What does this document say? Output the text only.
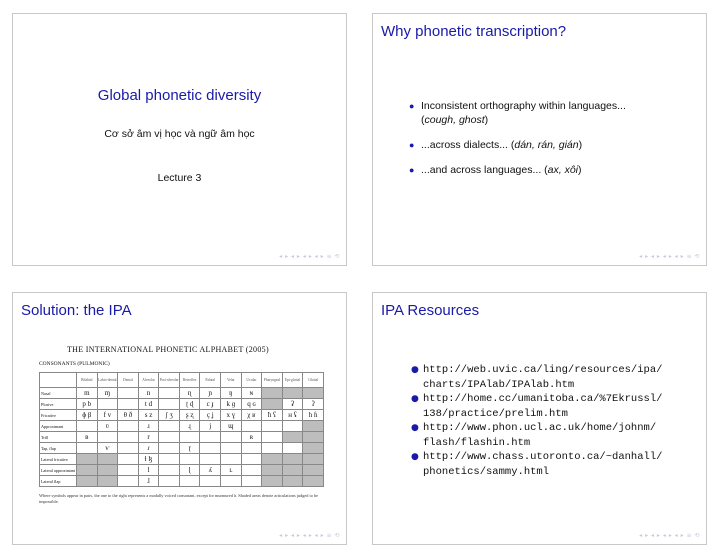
Global phonetic diversity
Cơ sở âm vị học và ngữ âm học
Lecture 3
◂ ▸ ◂ ▸ ◂ ▸ ◂ ▸ ≡ ⟲
Why phonetic transcription?
● Inconsistent orthography within languages...
(cough, ghost)
● ...across dialects... (dán, rán, gián)
● ...and across languages... (ax, xôi)
◂ ▸ ◂ ▸ ◂ ▸ ◂ ▸ ≡ ⟲
Solution: the IPA
THE INTERNATIONAL PHONETIC ALPHABET (2005)
CONSONANTS (PULMONIC)
	Bilabial	Labio-dental	Dental	Alveolar	Post-alveolar	Retroflex	Palatal	Velar	Uvular	Pharyngeal	Epi-glottal	Glottal
Nasal	m	ɱ		n		ɳ	ɲ	ŋ	ɴ			
Plosive	p b			t d		ʈ ɖ	c ɟ	k ɡ	q ɢ		ʡ	ʔ
Fricative	ɸ β	f v	θ ð	s z	ʃ ʒ	ʂ ʐ	ç ʝ	x ɣ	χ ʁ	ħ ʕ	ʜ ʢ	h ɦ
Approximant		ʋ		ɹ		ɻ	j	ɰ				
Trill	ʙ			r					ʀ			
Tap, flap		ⱱ		ɾ		ɽ						
Lateral fricative				ɬ ɮ								
Lateral approximant				l		ɭ	ʎ	ʟ				
Lateral flap				ɺ								
Where symbols appear in pairs, the one to the right represents a modally voiced consonant, except for murmured ɦ. Shaded areas denote articulations judged to be impossible.
◂ ▸ ◂ ▸ ◂ ▸ ◂ ▸ ≡ ⟲
IPA Resources
● http://web.uvic.ca/ling/resources/ipa/
charts/IPAlab/IPAlab.htm
● http://home.cc/umanitoba.ca/%7Ekrussl/
138/practice/prelim.htm
● http://www.phon.ucl.ac.uk/home/johnm/
flash/flashin.htm
● http://www.chass.utoronto.ca/~danhall/
phonetics/sammy.html
◂ ▸ ◂ ▸ ◂ ▸ ◂ ▸ ≡ ⟲
